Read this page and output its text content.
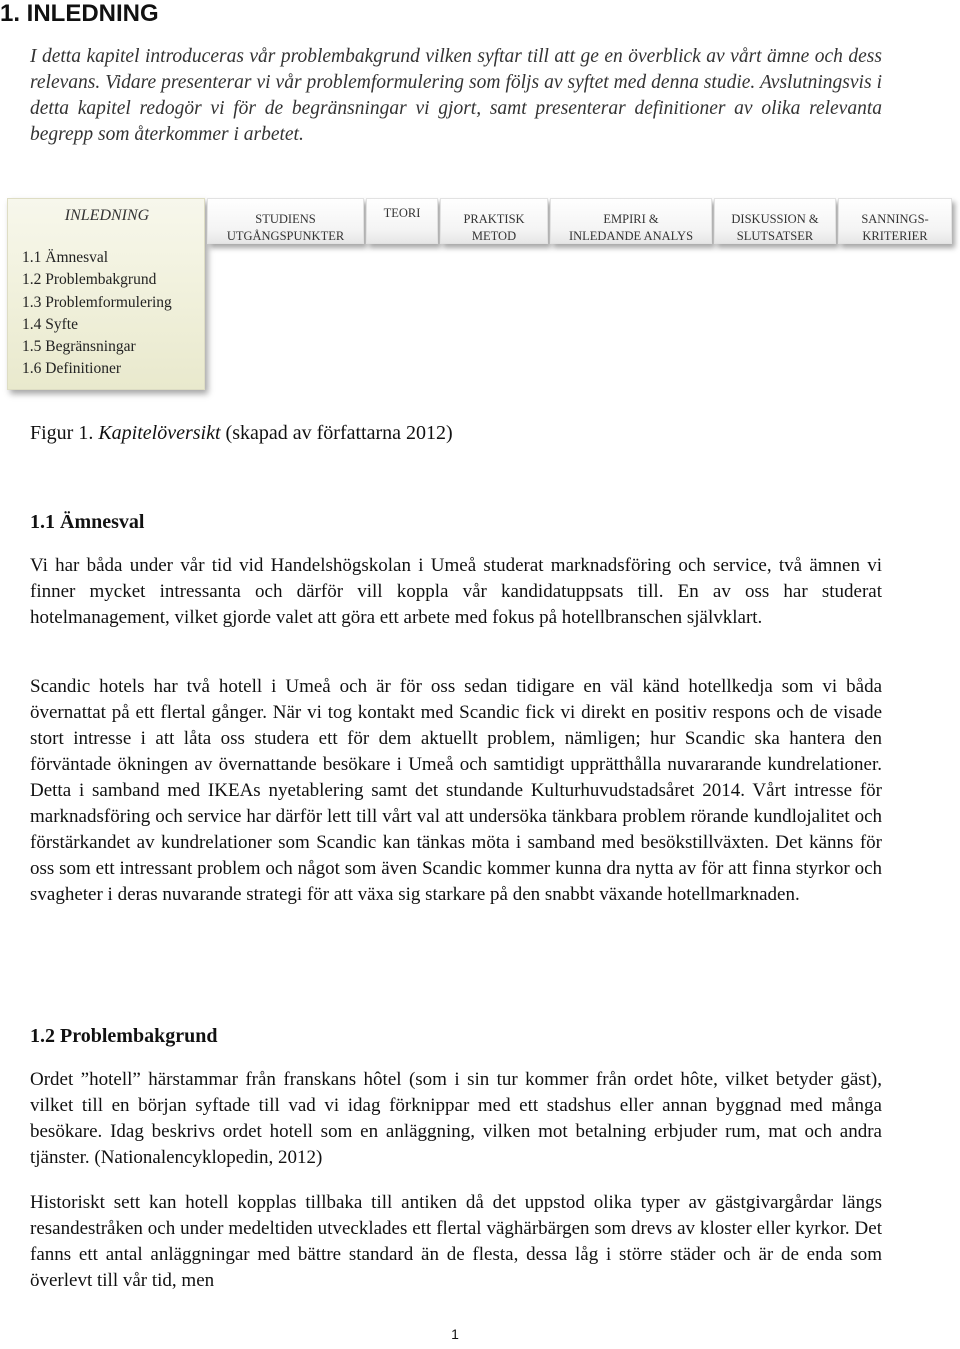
1. INLEDNING

I detta kapitel introduceras vår problembakgrund vilken syftar till att ge en överblick av vårt ämne och dess relevans. Vidare presenterar vi vår problemformulering som följs av syftet med denna studie. Avslutningsvis i detta kapitel redogör vi för de begränsningar vi gjort, samt presenterar definitioner av olika relevanta begrepp som återkommer i arbetet.

INLEDNING
1.1 Ämnesval
1.2 Problembakgrund
1.3 Problemformulering
1.4 Syfte
1.5 Begränsningar
1.6 Definitioner
STUDIENS
UTGÅNGSPUNKTER
TEORI	PRAKTISK
METOD
EMPIRI &
INLEDANDE ANALYS
DISKUSSION &
SLUTSATSER
SANNINGS-
KRITERIER

Figur 1. Kapitelöversikt (skapad av författarna 2012)

1.1 Ämnesval

Vi har båda under vår tid vid Handelshögskolan i Umeå studerat marknadsföring och service, två ämnen vi finner mycket intressanta och därför vill koppla vår kandidatuppsats till. En av oss har studerat hotelmanagement, vilket gjorde valet att göra ett arbete med fokus på hotellbranschen självklart.

Scandic hotels har två hotell i Umeå och är för oss sedan tidigare en väl känd hotellkedja som vi båda övernattat på ett flertal gånger. När vi tog kontakt med Scandic fick vi direkt en positiv respons och de visade stort intresse i att låta oss studera ett för dem aktuellt problem, nämligen; hur Scandic ska hantera den förväntade ökningen av övernattande besökare i Umeå och samtidigt upprätthålla nuvararande kundrelationer. Detta i samband med IKEAs nyetablering samt det stundande Kulturhuvudstadsåret 2014. Vårt intresse för marknadsföring och service har därför lett till vårt val att undersöka tänkbara problem rörande kundlojalitet och förstärkandet av kundrelationer som Scandic kan tänkas möta i samband med besökstillväxten. Det känns för oss som ett intressant problem och något som även Scandic kommer kunna dra nytta av för att finna styrkor och svagheter i deras nuvarande strategi för att växa sig starkare på den snabbt växande hotellmarknaden.

1.2 Problembakgrund

Ordet ”hotell” härstammar från franskans hôtel (som i sin tur kommer från ordet hôte, vilket betyder gäst), vilket till en början syftade till vad vi idag förknippar med ett stadshus eller annan byggnad med många besökare. Idag beskrivs ordet hotell som en anläggning, vilken mot betalning erbjuder rum, mat och andra tjänster. (Nationalencyklopedin, 2012)

Historiskt sett kan hotell kopplas tillbaka till antiken då det uppstod olika typer av gästgivargårdar längs resandestråken och under medeltiden utvecklades ett flertal väghärbärgen som drevs av kloster eller kyrkor. Det fanns ett antal anläggningar med bättre standard än de flesta, dessa låg i större städer och är de enda som överlevt till vår tid, men

1
